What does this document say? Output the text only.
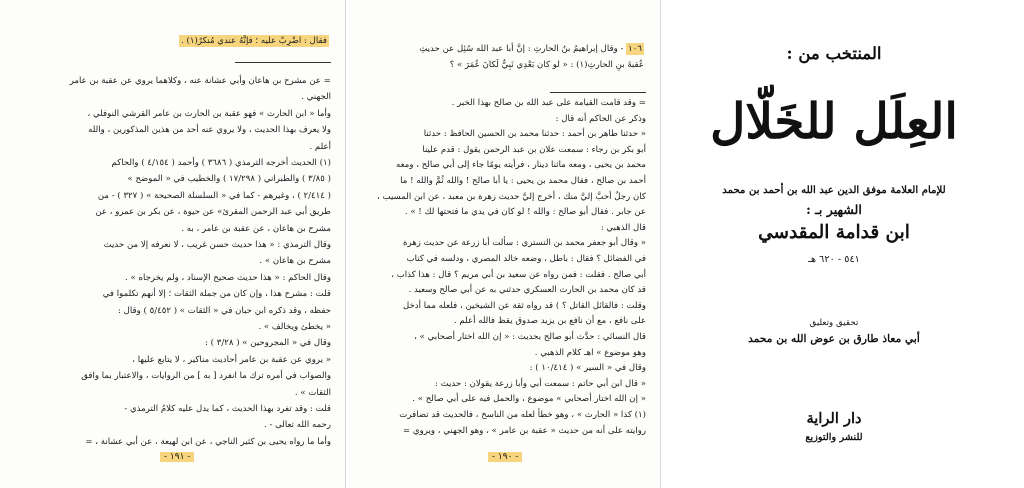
فقال : اضْرِبْ عليه ؛ فإنَّهُ عندي مُنكرٌ(١) .
= عن مشرح بن هاعان وأبي عشانة عنه ، وكلاهما يروي عن عقبة بن عامر
الجهني .
وأما « ابن الحارث » فهو عقبة بن الحارث بن عامر القرشي النوفلي ،
ولا يعرف بهذا الحديث ، ولا يروي عنه أحد من هذين المذكورين ، والله
أعلم .
(١) الحديث أخرجه الترمذي ( ٣٦٨٦ ) وأحمد ( ٤/١٥٤ ) والحاكم
( ٣/٨٥ ) والطبراني ( ١٧/٢٩٨ ) والخطيب في « الموضح »
( ٢/٤١٤ ) ، وغيرهم - كما في « السلسلة الصحيحة » ( ٣٢٧ ) - من
طريق أبي عبد الرحمن المقرئ» عن حيوة ، عن بكر بن عمرو ، عن
مشرح بن هاعان ، عن عقبة بن عامر ، به .
وقال الترمذي : « هذا حديث حسن غريب ، لا نعرفه إلا من حديث
مشرح بن هاعان » .
وقال الحاكم : « هذا حديث صحيح الإسناد ، ولم يخرجاه » .
قلت : مشرح هذا ، وإن كان من جملة الثقات ؛ إلا أنهم تكلموا في
حفظه ، وقد ذكره ابن حبان في « الثقات » ( ٥/٤٥٢ ) وقال :
« يخطئ ويخالف » .
وقال في « المجروحين » ( ٣/٢٨ ) :
« يروي عن عقبة بن عامر أحاديث مناكير ، لا يتابع عليها ،
والصواب في أمره ترك ما انفرد [ به ] من الروايات ، والاعتبار بما وافق
الثقات » .
قلت : وقد تفرد بهذا الحديث ، كما يدل عليه كلامُ الترمذي -
رحمه الله تعالى - .
وأما ما رواه يحيى بن كثير الناجي ، عن ابن لهيعة ، عن أبي عشانة ، =
- ١٩١ -
١٠٦ - وقال إبراهيمُ بنُ الحارثِ : إنَّ أبا عبد الله سُئِل عن حديثِ
عُقبةَ بنِ الحارثِ(١) : « لو كان بَعْدِي نَبِيٌّ لَكانَ عُمَرَ » ؟
= وقد قامت القيامة على عبد الله بن صالح بهذا الخبر .
وذكر عن الحاكم أنه قال :
« حدثنا طاهر بن أحمد : حدثنا محمد بن الحسين الحافظ : حدثنا
أبو بكر بن رجاء : سمعت علان بن عبد الرحمن يقول : قدم علينا
محمد بن يحيى ، ومعه ماثنا دينار ، فرأيته يومًا جاء إلى أبي صالح ، ومعه
أحمد بن صالح ، فقال محمد بن يحيى : يا أبا صالح ! والله ثُمَّ والله ! ما
كان رجلٌ أحبَّ إليَّ منك ، أخرج إليَّ حديث زهرة بن معبد ، عن ابن المسيب ،
عن جابر . فقال أبو صالح : والله ! لو كان في يدي ما فتحتها لك ! » .
قال الذهبي :
« وقال أبو جعفر محمد بن التستري : سألت أبا زرعة عن حديث زهرة
في الفضائل ؟ فقال : باطل ، وضعه خالد المصري ، ودلسه في كتاب
أبي صالح . فقلت : فمن رواه عن سعيد بن أبي مريم ؟ قال : هذا كذاب ،
قد كان محمد بن الحارث العسكري حدثني به عن أبي صالح وسعيد .
وقلت : فالقائل القاتل ؟ ) قد رواه ثقة عن الشيخين ، فلعله مما أدخل
على نافع ، مع أن نافع بن يزيد صدوق يقظ فالله أعلم .
قال النسائي : حدَّث أبو صالح بحديث : « إن الله اختار أصحابي » ،
وهو موضوع » اهـ كلام الذهبي .
وقال في « السير » ( ١٠/٤١٤ ) :
« قال ابن أبي حاتم : سمعت أبي وأبا زرعة يقولان : حديث :
« إن الله اختار أصحابي » موضوع ، والحمل فيه على أبي صالح » .
(١) كذا « الحارث » ، وهو خطأ لعله من الناسخ ، فالحديث قد تضافرت
روايته على أنه من حديث « عقبة بن عامر » ، وهو الجهني ، ويروي =
- ١٩٠ -
المنتخب من :
العِلَل للخَلّال
للإمام العلامة موفق الدين عبد الله بن أحمد بن محمد
الشهير بـ :
ابن قدامة المقدسي
٥٤١ - ٦٢٠ هـ
تحقيق وتعليق
أبي معاذ طارق بن عوض الله بن محمد
دار الراية
للنشر والتوزيع
